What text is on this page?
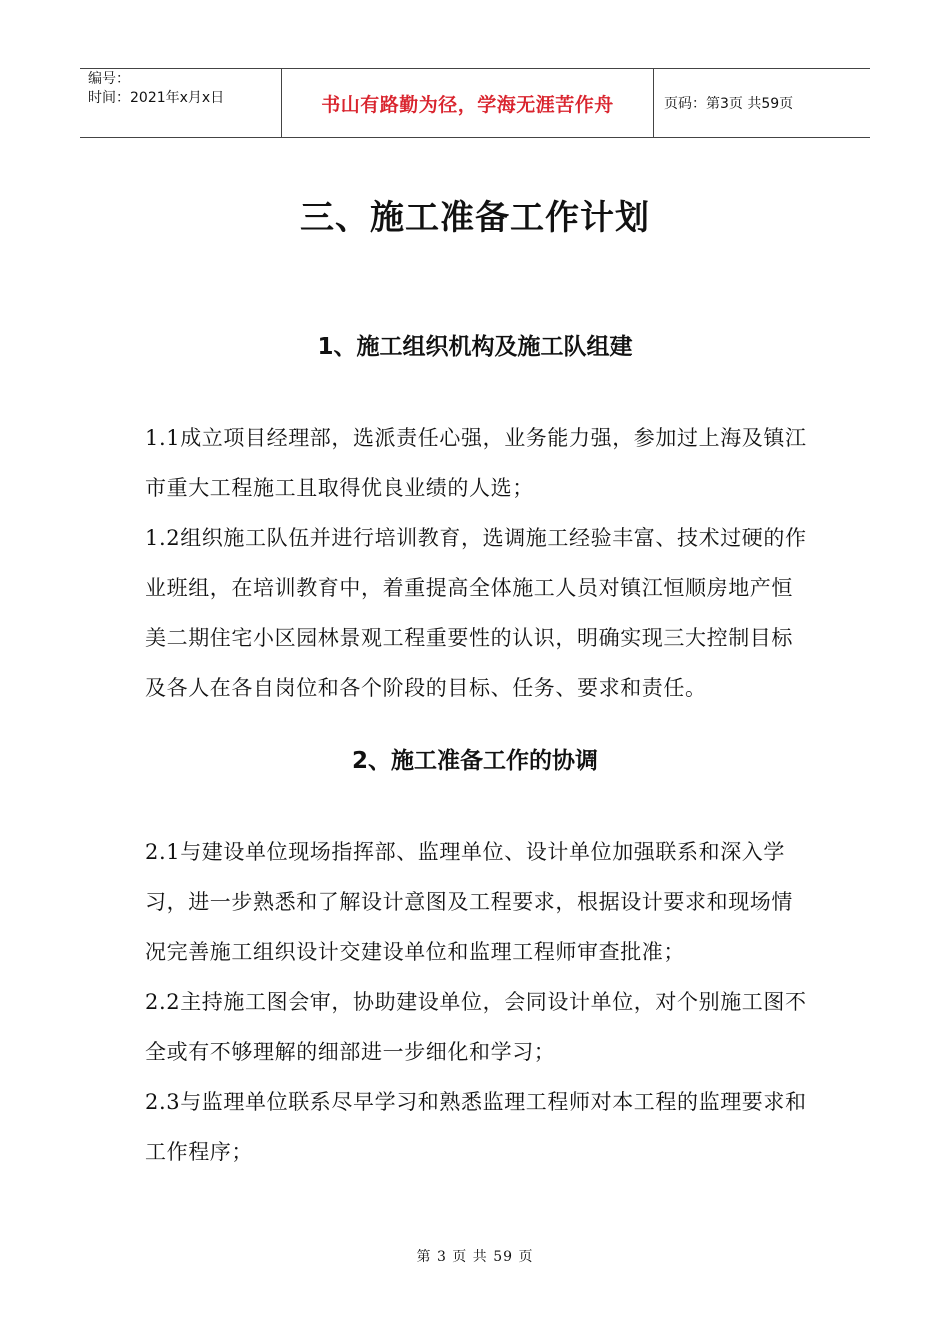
编号：
时间：2021年x月x日	书山有路勤为径，学海无涯苦作舟	页码：第3页 共59页
三、施工准备工作计划
1、施工组织机构及施工队组建

1.1成立项目经理部，选派责任心强，业务能力强，参加过上海及镇江市重大工程施工且取得优良业绩的人选；

1.2组织施工队伍并进行培训教育，选调施工经验丰富、技术过硬的作业班组，在培训教育中，着重提高全体施工人员对镇江恒顺房地产恒美二期住宅小区园林景观工程重要性的认识，明确实现三大控制目标及各人在各自岗位和各个阶段的目标、任务、要求和责任。

2、施工准备工作的协调

2.1与建设单位现场指挥部、监理单位、设计单位加强联系和深入学习，进一步熟悉和了解设计意图及工程要求，根据设计要求和现场情况完善施工组织设计交建设单位和监理工程师审查批准；

2.2主持施工图会审，协助建设单位，会同设计单位，对个别施工图不全或有不够理解的细部进一步细化和学习；

2.3与监理单位联系尽早学习和熟悉监理工程师对本工程的监理要求和工作程序；

第 3 页 共 59 页
